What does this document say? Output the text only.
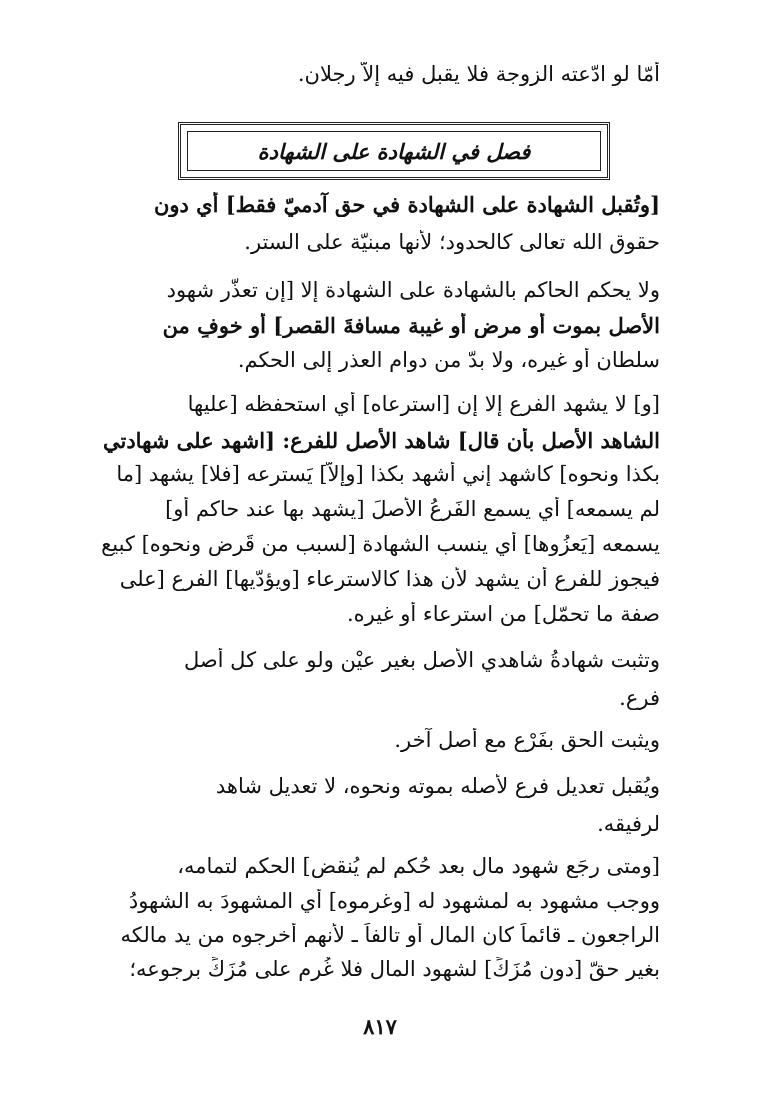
أمّا لو ادّعته الزوجة فلا يقبل فيه إلاّ رجلان.
فصل في الشهادة على الشهادة
[وتُقبل الشهادة على الشهادة في حق آدميّ فقط] أي دون
حقوق الله تعالى كالحدود؛ لأنها مبنيّة على الستر.
ولا يحكم الحاكم بالشهادة على الشهادة إلا [إن تعذّر شهود
الأصل بموت أو مرض أو غيبة مسافةَ القصر] أو خوفٍ من
سلطان أو غيره، ولا بدّ من دوام العذر إلى الحكم.
[و] لا يشهد الفرع إلا إن [استرعاه] أي استحفظه [عليها
الشاهد الأصل بأن قال] شاهد الأصل للفرع: [اشهد على شهادتي
بكذا ونحوه] كاشهد إني أشهد بكذا [وإلاّ] يَسترعه [فلا] يشهد [ما
لم يسمعه] أي يسمع الفَرعُ الأصلَ [يشهد بها عند حاكم أو]
يسمعه [يَعزُوها] أي ينسب الشهادة [لسبب من قَرض ونحوه] كبيع
فيجوز للفرع أن يشهد لأن هذا كالاسترعاء [ويؤدّيها] الفرع [على
صفة ما تحمّل] من استرعاء أو غيره.
وتثبت شهادةُ شاهدي الأصل بغير عيْن ولو على كل أصل
فرع.
ويثبت الحق بفَرْع مع أصل آخر.
ويُقبل تعديل فرع لأصله بموته ونحوه، لا تعديل شاهد
لرفيقه.
[ومتى رجَع شهود مالٍ بعد حُكم لم يُنقض] الحكم لتمامه،
ووجب مشهود به لمشهود له [وغرموه] أي المشهودَ به الشهودُ
الراجعون ـ قائماً كان المال أو تالفاً ـ لأنهم أخرجوه من يد مالكه
بغير حقّ [دون مُزَكٍّ] لشهود المال فلا غُرم على مُزَكٍّ برجوعه؛
٨١٧
